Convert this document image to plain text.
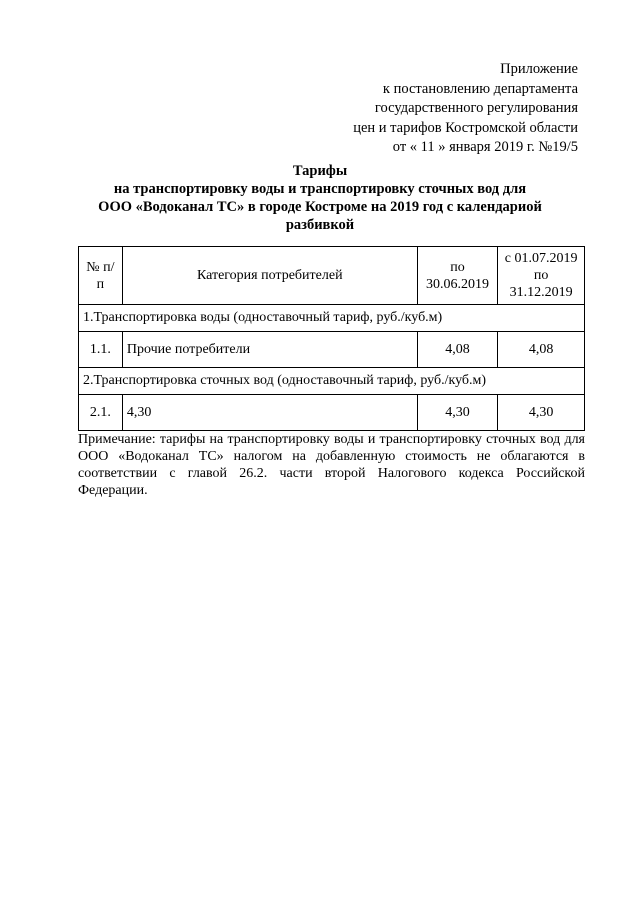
Приложение
к постановлению департамента
государственного регулирования
цен и тарифов Костромской области
от « 11 » января 2019 г. №19/5
Тарифы
на транспортировку воды и транспортировку сточных вод для
ООО «Водоканал ТС» в городе Костроме на 2019 год с календариой
разбивкой
№ п/п	Категория потребителей	по 30.06.2019	с 01.07.2019 по 31.12.2019
1.Транспортировка воды (одноставочный тариф, руб./куб.м)			
1.1.	Прочие потребители	4,08	4,08
2.Транспортировка сточных вод (одноставочный тариф, руб./куб.м)			
2.1.	4,30	4,30	4,30
Примечание: тарифы на транспортировку воды и транспортировку сточных вод для ООО «Водоканал ТС» налогом на добавленную стоимость не облагаются в соответствии с главой 26.2. части второй Налогового кодекса Российской Федерации.
